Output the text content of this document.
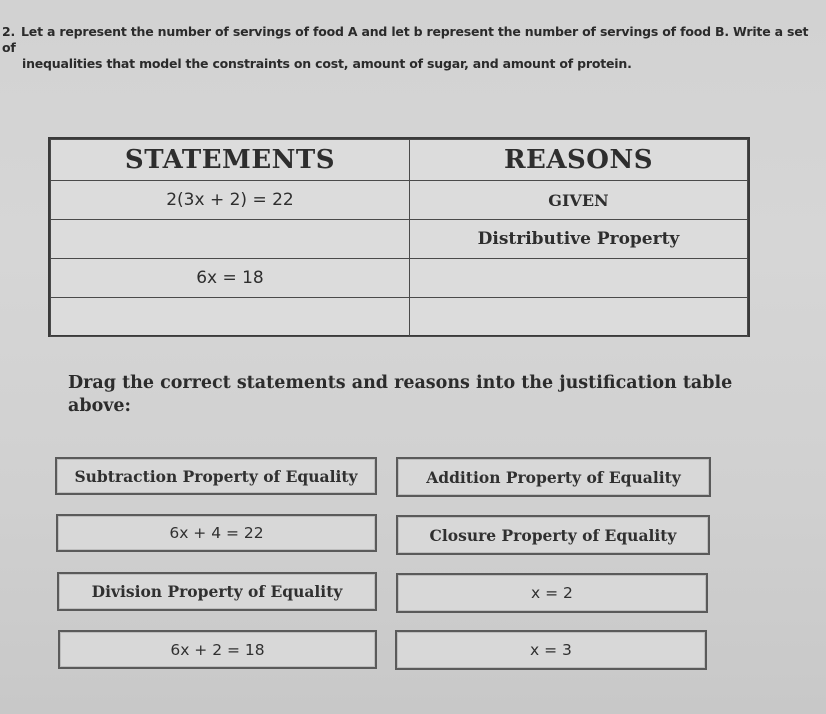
2. Let a represent the number of servings of food A and let b represent the number of servings of food B. Write a set of
inequalities that model the constraints on cost, amount of sugar, and amount of protein.
STATEMENTS	REASONS
2(3x + 2) = 22	GIVEN
	Distributive Property
6x = 18	

Drag the correct statements and reasons into the justification table above:
Subtraction Property of Equality	Addition Property of Equality
6x + 4 = 22	Closure Property of Equality
Division Property of Equality	x = 2
6x + 2 = 18	x = 3
